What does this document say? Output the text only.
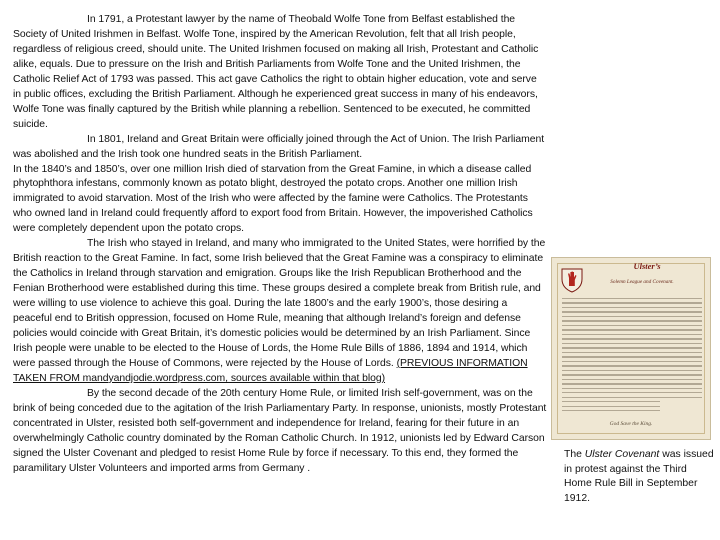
In 1791, a Protestant lawyer by the name of Theobald Wolfe Tone from Belfast established the Society of United Irishmen in Belfast. Wolfe Tone, inspired by the American Revolution, felt that all Irish people, regardless of religious creed, should unite. The United Irishmen focused on making all Irish, Protestant and Catholic alike, equals. Due to pressure on the Irish and British Parliaments from Wolfe Tone and the United Irishmen, the Catholic Relief Act of 1793 was passed. This act gave Catholics the right to obtain higher education, vote and serve in public offices, excluding the British Parliament. Although he experienced great success in many of his endeavors, Wolfe Tone was finally captured by the British while planning a rebellion. Sentenced to be executed, he committed suicide.

In 1801, Ireland and Great Britain were officially joined through the Act of Union. The Irish Parliament was abolished and the Irish took one hundred seats in the British Parliament.

In the 1840’s and 1850’s, over one million Irish died of starvation from the Great Famine, in which a disease called phytophthora infestans, commonly known as potato blight, destroyed the potato crops. Another one million Irish immigrated to avoid starvation. Most of the Irish who were affected by the famine were Catholics. The Protestants who owned land in Ireland could frequently afford to export food from Britain. However, the impoverished Catholics were completely dependent upon the potato crops.

The Irish who stayed in Ireland, and many who immigrated to the United States, were horrified by the British reaction to the Great Famine. In fact, some Irish believed that the Great Famine was a conspiracy to eliminate the Catholics in Ireland through starvation and emigration. Groups like the Irish Republican Brotherhood and the Fenian Brotherhood were established during this time. These groups desired a complete break from British rule, and were willing to use violence to achieve this goal. During the late 1800’s and the early 1900’s, those desiring a peaceful end to British oppression, focused on Home Rule, meaning that although Ireland’s foreign and defense policies would coincide with Great Britain, it’s domestic policies would be determined by an Irish Parliament. Since Irish people were unable to be elected to the House of Lords, the Home Rule Bills of 1886, 1894 and 1914, which were passed through the House of Commons, were rejected by the House of Lords. (PREVIOUS INFORMATION TAKEN FROM mandyandjodie.wordpress.com, sources available within that blog)

By the second decade of the 20th century Home Rule, or limited Irish self-government, was on the brink of being conceded due to the agitation of the Irish Parliamentary Party. In response, unionists, mostly Protestant concentrated in Ulster, resisted both self-government and independence for Ireland, fearing for their future in an overwhelmingly Catholic country dominated by the Roman Catholic Church. In 1912, unionists led by Edward Carson signed the Ulster Covenant and pledged to resist Home Rule by force if necessary. To this end, they formed the paramilitary Ulster Volunteers and imported arms from Germany .

Ulster’s
Solemn League and Covenant.
God Save the King.
The Ulster Covenant was issued in protest against the Third Home Rule Bill in September 1912.
